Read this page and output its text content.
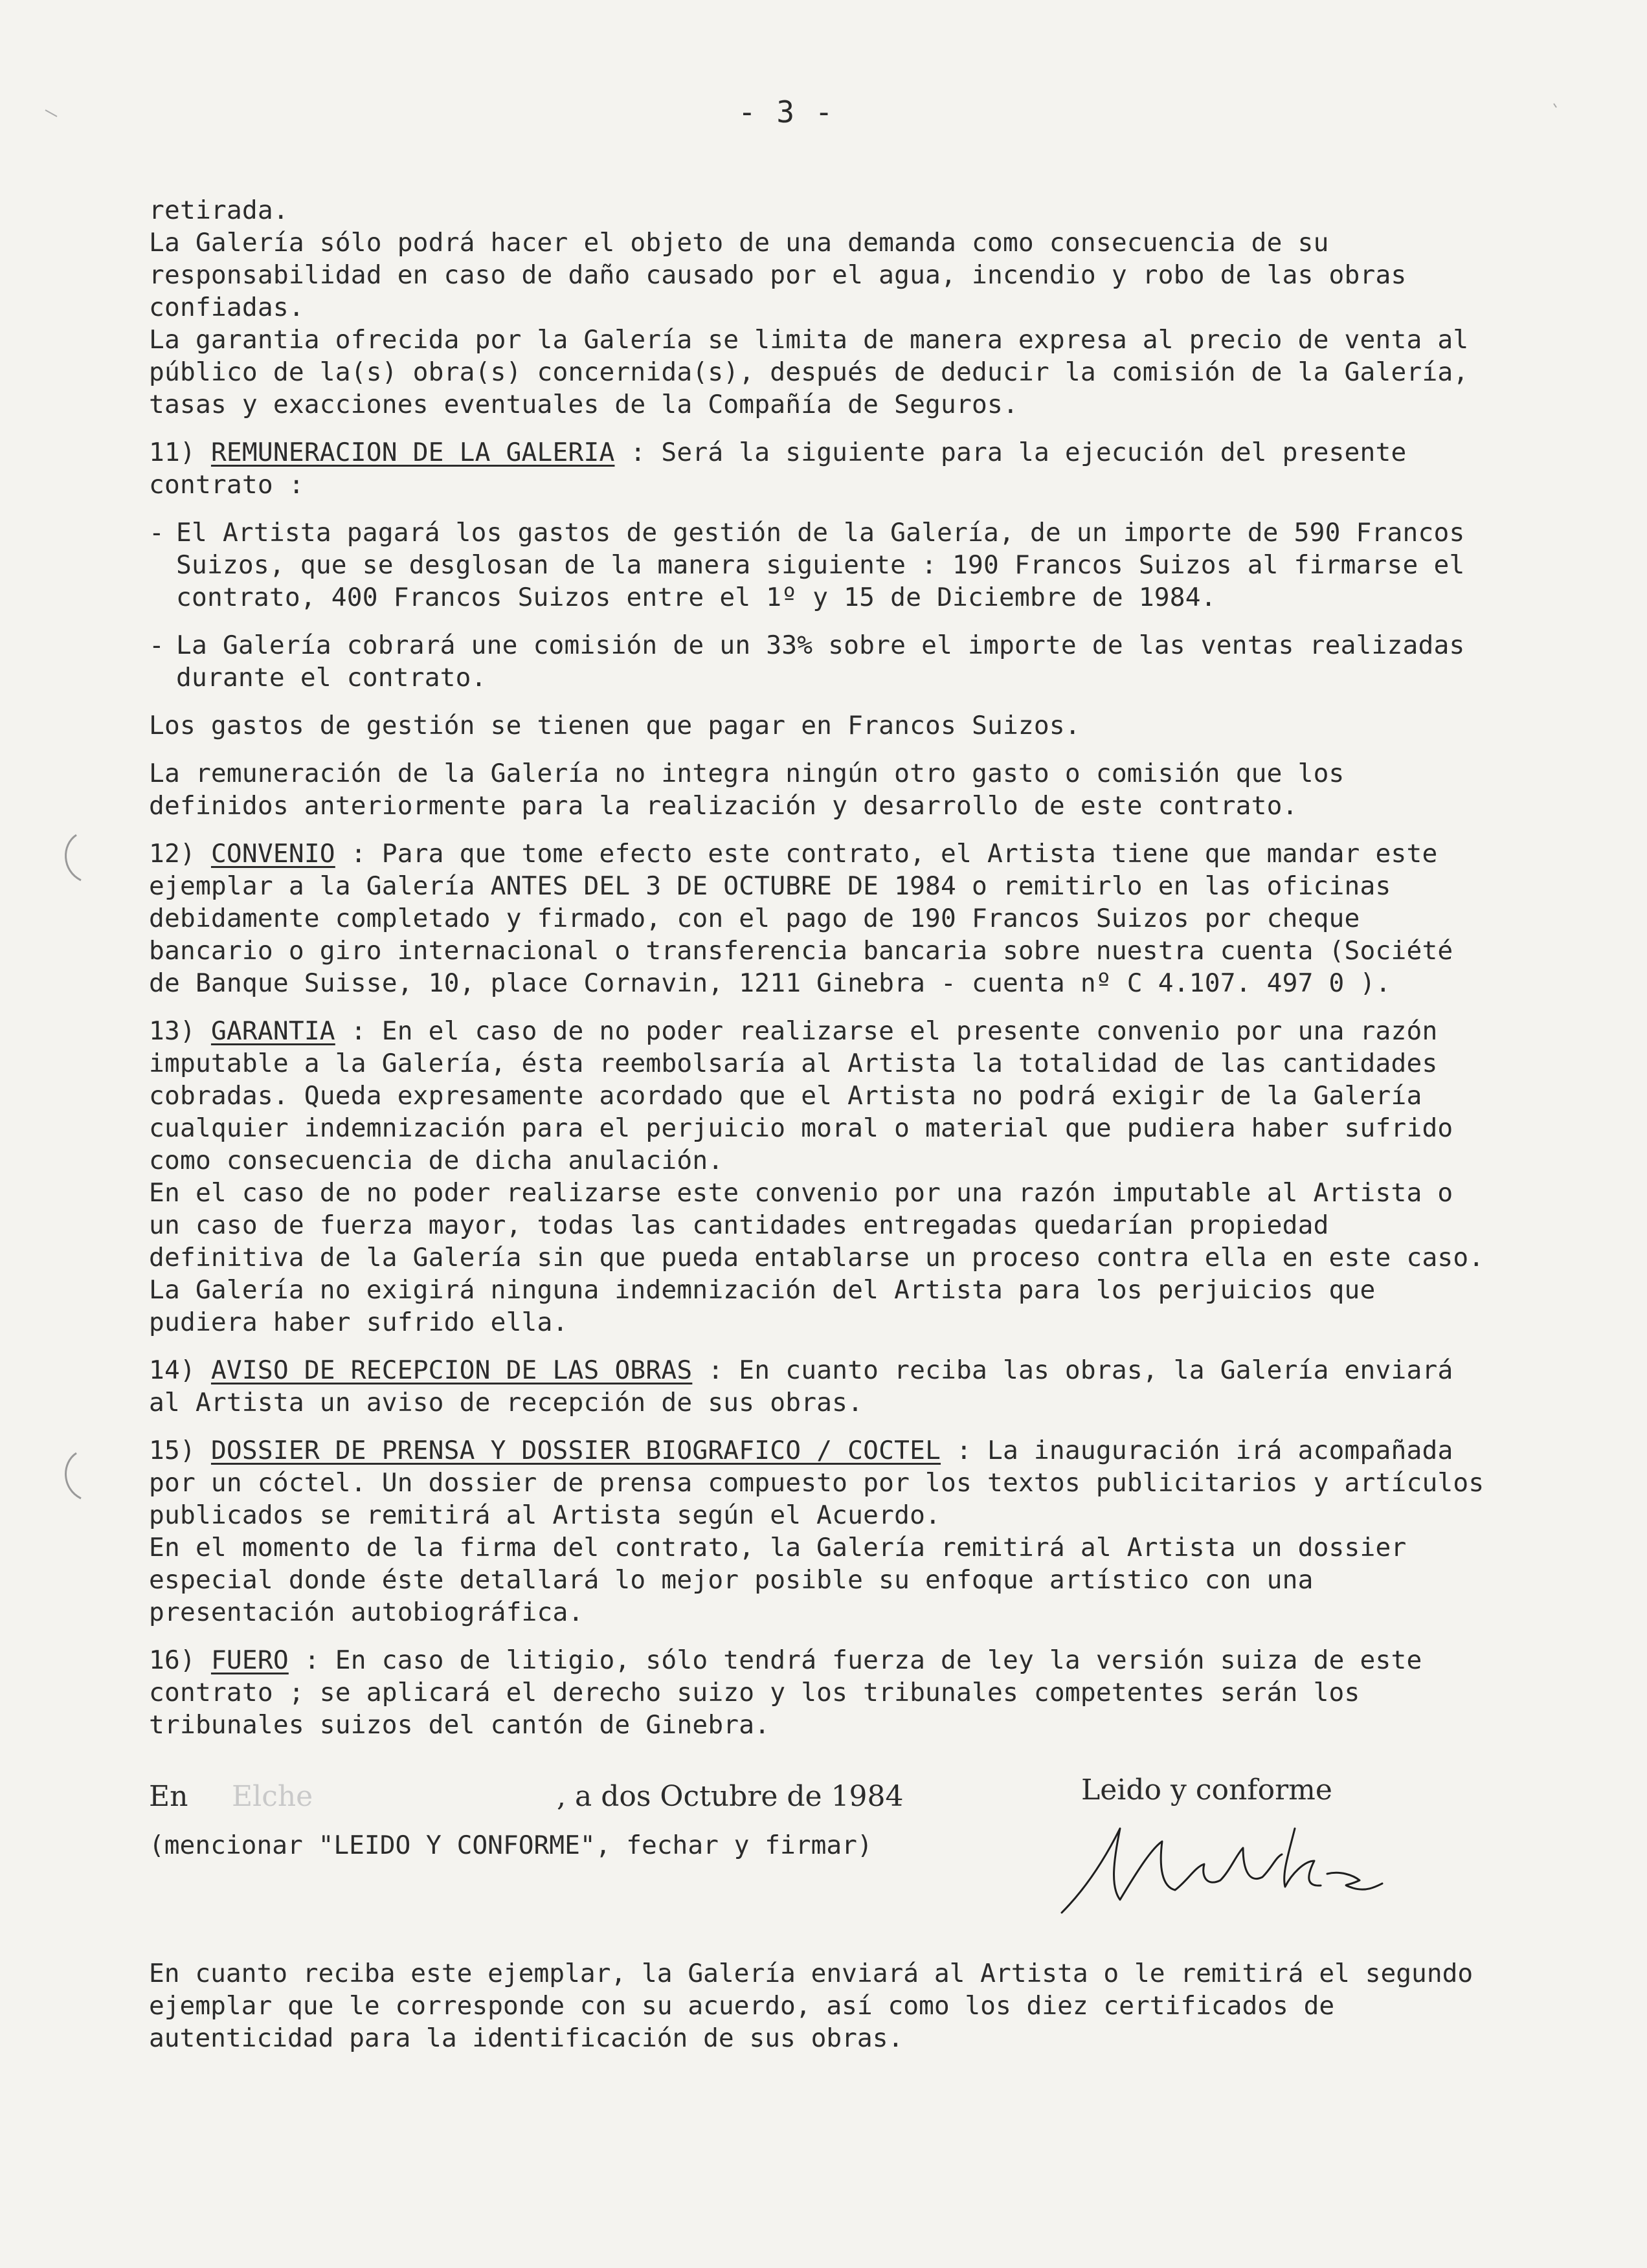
- 3 -

retirada.

La Galería sólo podrá hacer el objeto de una demanda como consecuencia de su responsabilidad en caso de daño causado por el agua, incendio y robo de las obras confiadas.

La garantia ofrecida por la Galería se limita de manera expresa al precio de venta al público de la(s) obra(s) concernida(s), después de deducir la comisión de la Galería, tasas y exacciones eventuales de la Compañía de Seguros.

11) REMUNERACION DE LA GALERIA : Será la siguiente para la ejecución del presente contrato :

- El Artista pagará los gastos de gestión de la Galería, de un importe de 590 Francos Suizos, que se desglosan de la manera siguiente : 190 Francos Suizos al firmarse el contrato, 400 Francos Suizos entre el 1º y 15 de Diciembre de 1984.
- La Galería cobrará une comisión de un 33% sobre el importe de las ventas realizadas durante el contrato.

Los gastos de gestión se tienen que pagar en Francos Suizos.

La remuneración de la Galería no integra ningún otro gasto o comisión que los definidos anteriormente para la realización y desarrollo de este contrato.

12) CONVENIO : Para que tome efecto este contrato, el Artista tiene que mandar este ejemplar a la Galería ANTES DEL 3 DE OCTUBRE DE 1984 o remitirlo en las oficinas debidamente completado y firmado, con el pago de 190 Francos Suizos por cheque bancario o giro internacional o transferencia bancaria sobre nuestra cuenta (Société de Banque Suisse, 10, place Cornavin, 1211 Ginebra - cuenta nº C 4.107. 497 0 ).

13) GARANTIA : En el caso de no poder realizarse el presente convenio por una razón imputable a la Galería, ésta reembolsaría al Artista la totalidad de las cantidades cobradas. Queda expresamente acordado que el Artista no podrá exigir de la Galería cualquier indemnización para el perjuicio moral o material que pudiera haber sufrido como consecuencia de dicha anulación.

En el caso de no poder realizarse este convenio por una razón imputable al Artista o un caso de fuerza mayor, todas las cantidades entregadas quedarían propiedad definitiva de la Galería sin que pueda entablarse un proceso contra ella en este caso. La Galería no exigirá ninguna indemnización del Artista para los perjuicios que pudiera haber sufrido ella.

14) AVISO DE RECEPCION DE LAS OBRAS : En cuanto reciba las obras, la Galería enviará al Artista un aviso de recepción de sus obras.

15) DOSSIER DE PRENSA Y DOSSIER BIOGRAFICO / COCTEL : La inauguración irá acompañada por un cóctel. Un dossier de prensa compuesto por los textos publicitarios y artículos publicados se remitirá al Artista según el Acuerdo.

En el momento de la firma del contrato, la Galería remitirá al Artista un dossier especial donde éste detallará lo mejor posible su enfoque artístico con una presentación autobiográfica.

16) FUERO : En caso de litigio, sólo tendrá fuerza de ley la versión suiza de este contrato ; se aplicará el derecho suizo y los tribunales competentes serán los tribunales suizos del cantón de Ginebra.

En Elche	, a dos Octubre de 1984	Leido y conforme
(mencionar "LEIDO Y CONFORME", fechar y firmar)

En cuanto reciba este ejemplar, la Galería enviará al Artista o le remitirá el segundo ejemplar que le corresponde con su acuerdo, así como los diez certificados de autenticidad para la identificación de sus obras.
